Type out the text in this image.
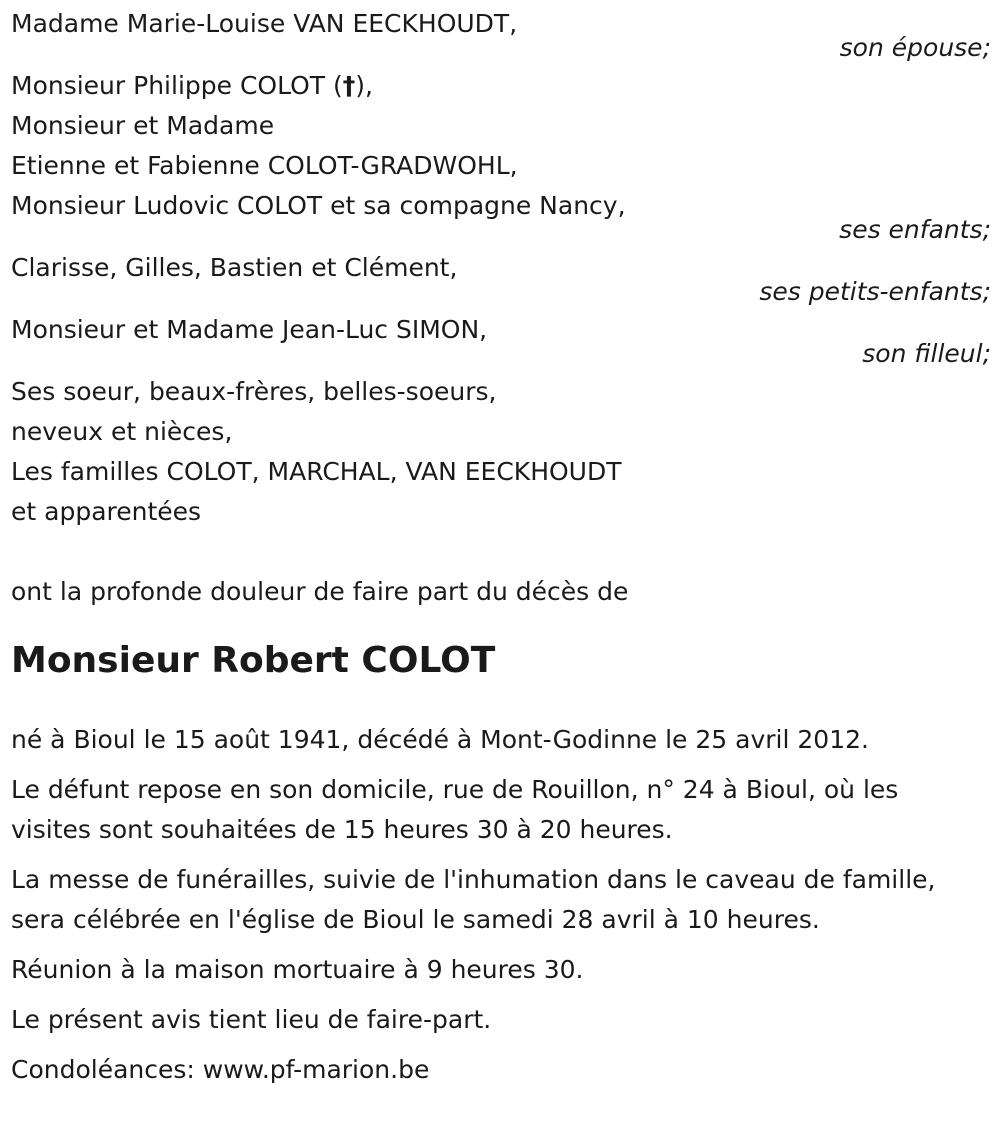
Madame Marie-Louise VAN EECKHOUDT,
son épouse;
Monsieur Philippe COLOT (†),
Monsieur et Madame
Etienne et Fabienne COLOT-GRADWOHL,
Monsieur Ludovic COLOT et sa compagne Nancy,
ses enfants;
Clarisse, Gilles, Bastien et Clément,
ses petits-enfants;
Monsieur et Madame Jean-Luc SIMON,
son filleul;
Ses soeur, beaux-frères, belles-soeurs,
neveux et nièces,
Les familles COLOT, MARCHAL, VAN EECKHOUDT
et apparentées
ont la profonde douleur de faire part du décès de
Monsieur Robert COLOT
né à Bioul le 15 août 1941, décédé à Mont-Godinne le 25 avril 2012.
Le défunt repose en son domicile, rue de Rouillon, n° 24 à Bioul, où les
visites sont souhaitées de 15 heures 30 à 20 heures.
La messe de funérailles, suivie de l'inhumation dans le caveau de famille,
sera célébrée en l'église de Bioul le samedi 28 avril à 10 heures.
Réunion à la maison mortuaire à 9 heures 30.
Le présent avis tient lieu de faire-part.
Condoléances: www.pf-marion.be
